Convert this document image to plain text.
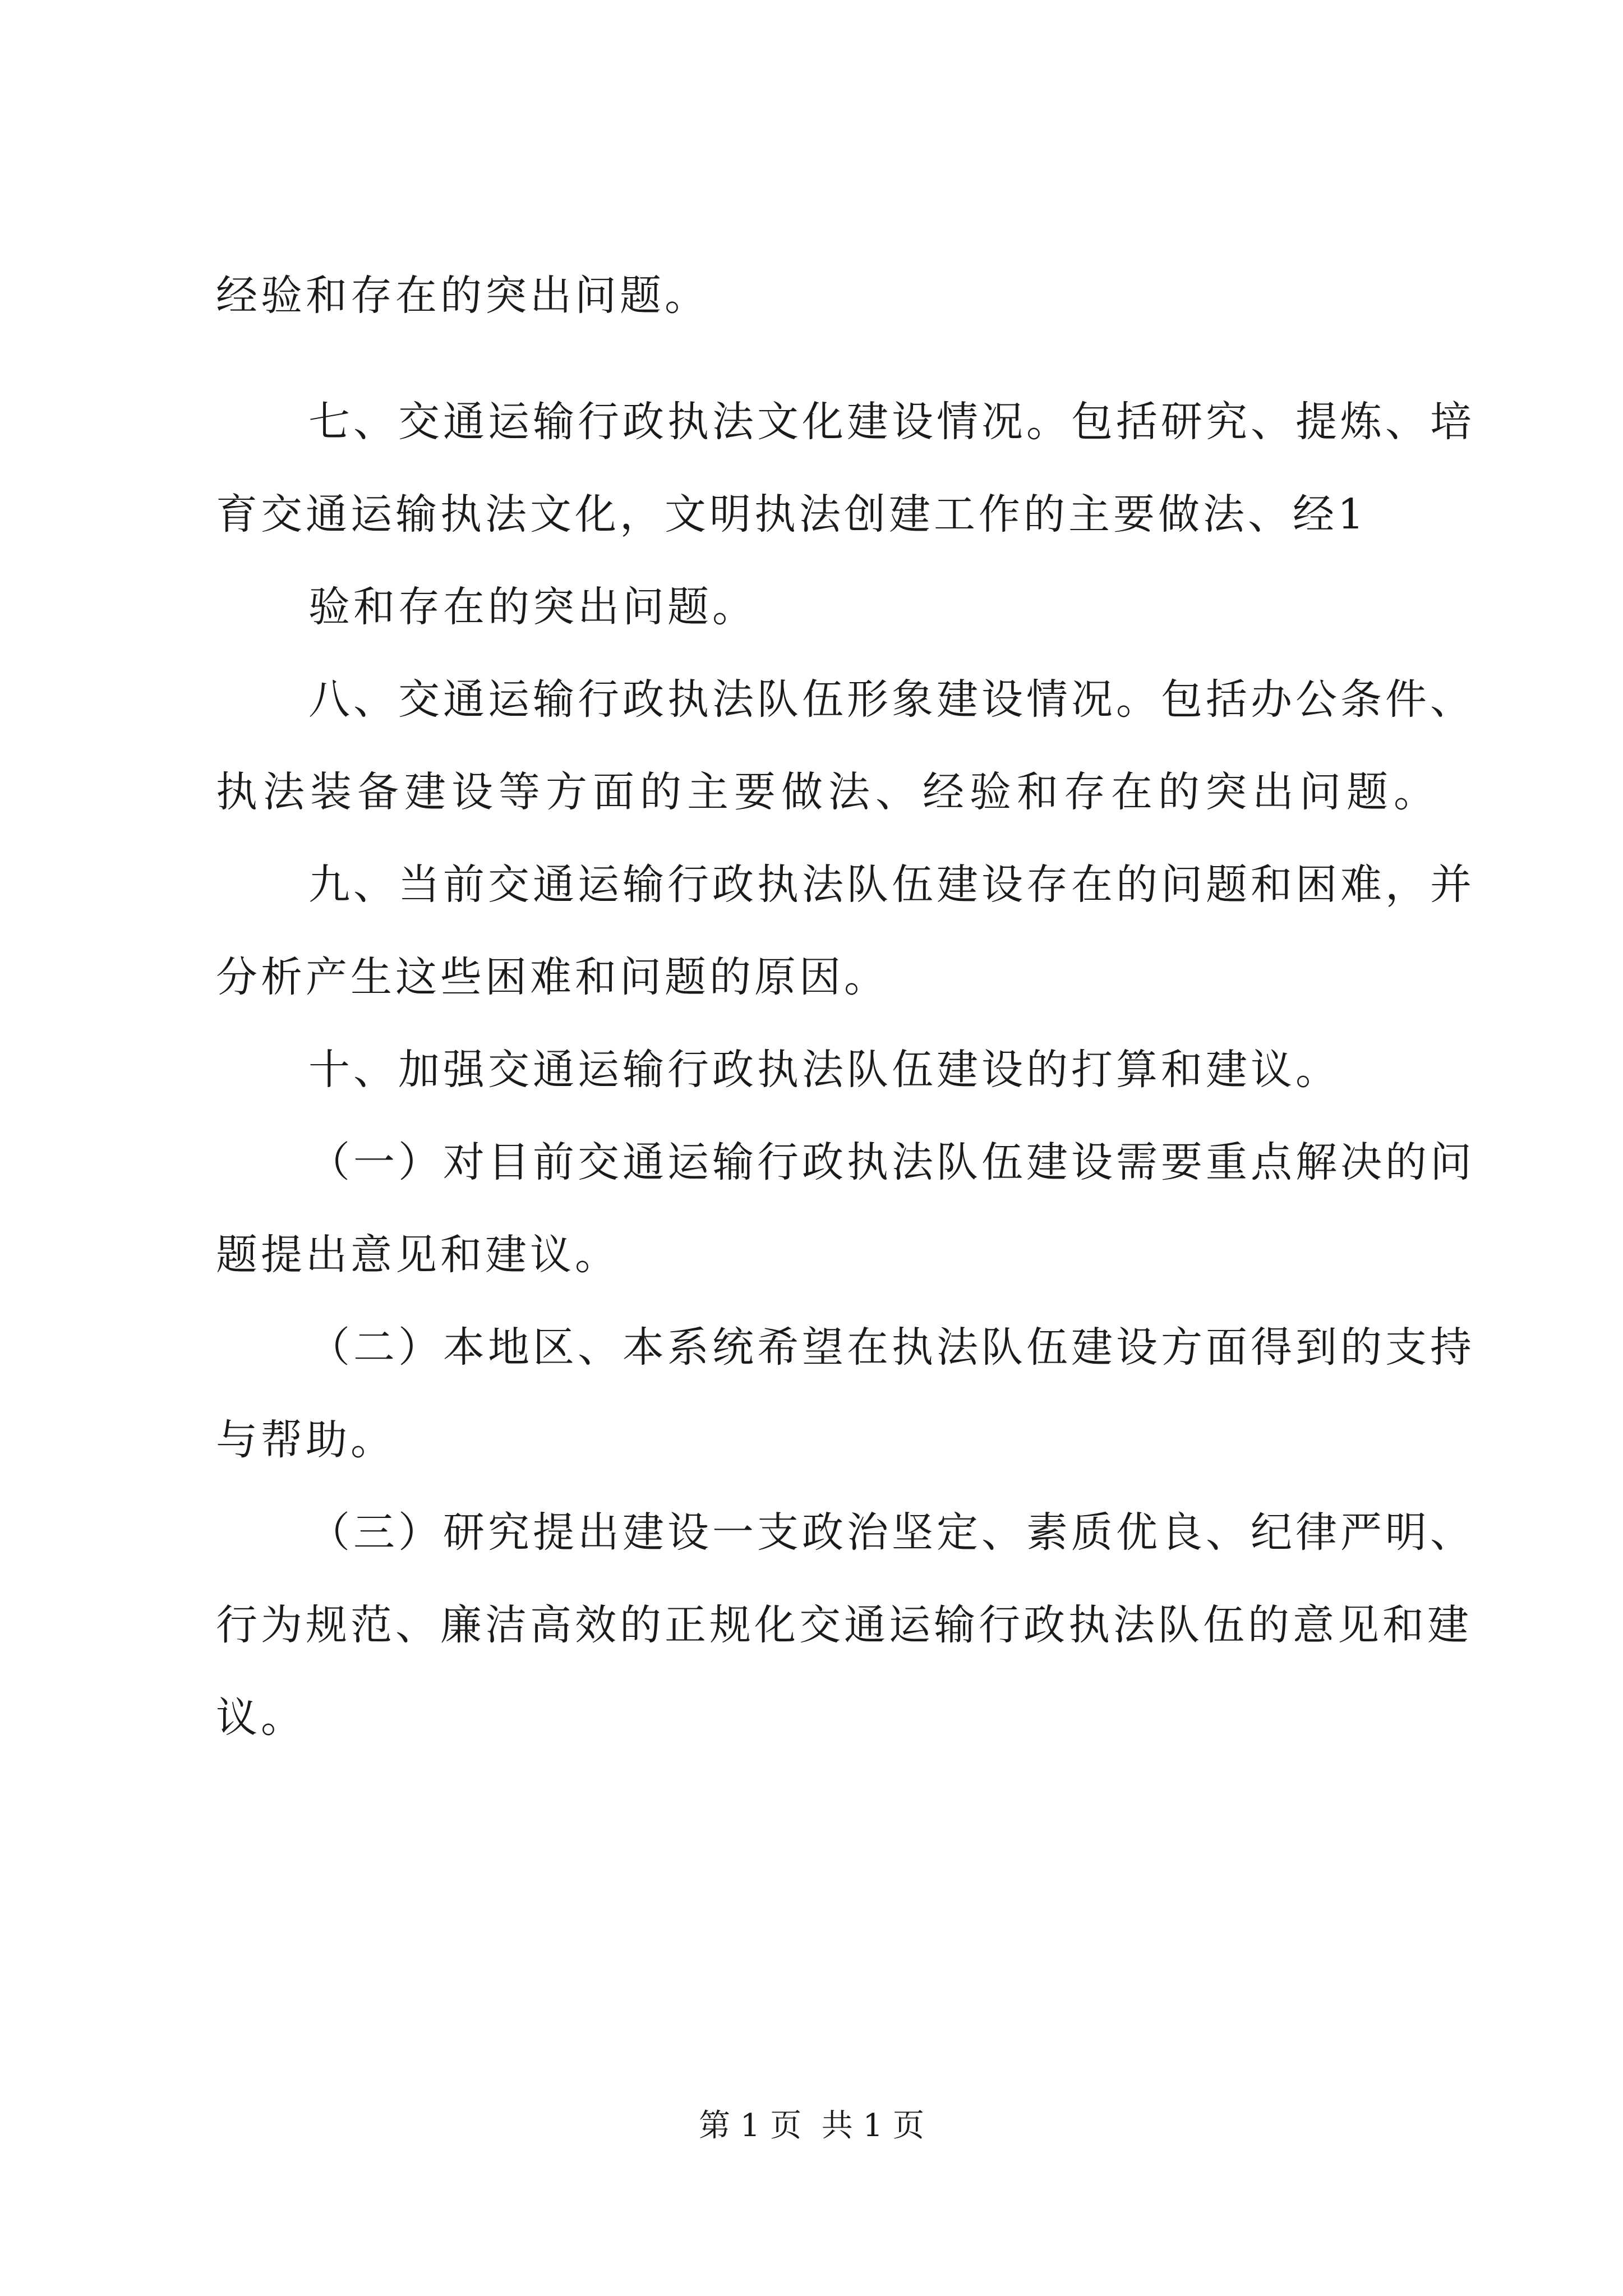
经验和存在的突出问题。
七、交通运输行政执法文化建设情况。包括研究、提炼、培
育交通运输执法文化，文明执法创建工作的主要做法、经1
验和存在的突出问题。
八、交通运输行政执法队伍形象建设情况。包括办公条件、
执法装备建设等方面的主要做法、经验和存在的突出问题。
九、当前交通运输行政执法队伍建设存在的问题和困难，并
分析产生这些困难和问题的原因。
十、加强交通运输行政执法队伍建设的打算和建议。
（一）对目前交通运输行政执法队伍建设需要重点解决的问
题提出意见和建议。
（二）本地区、本系统希望在执法队伍建设方面得到的支持
与帮助。
（三）研究提出建设一支政治坚定、素质优良、纪律严明、
行为规范、廉洁高效的正规化交通运输行政执法队伍的意见和建
议。
第 1 页  共 1 页
